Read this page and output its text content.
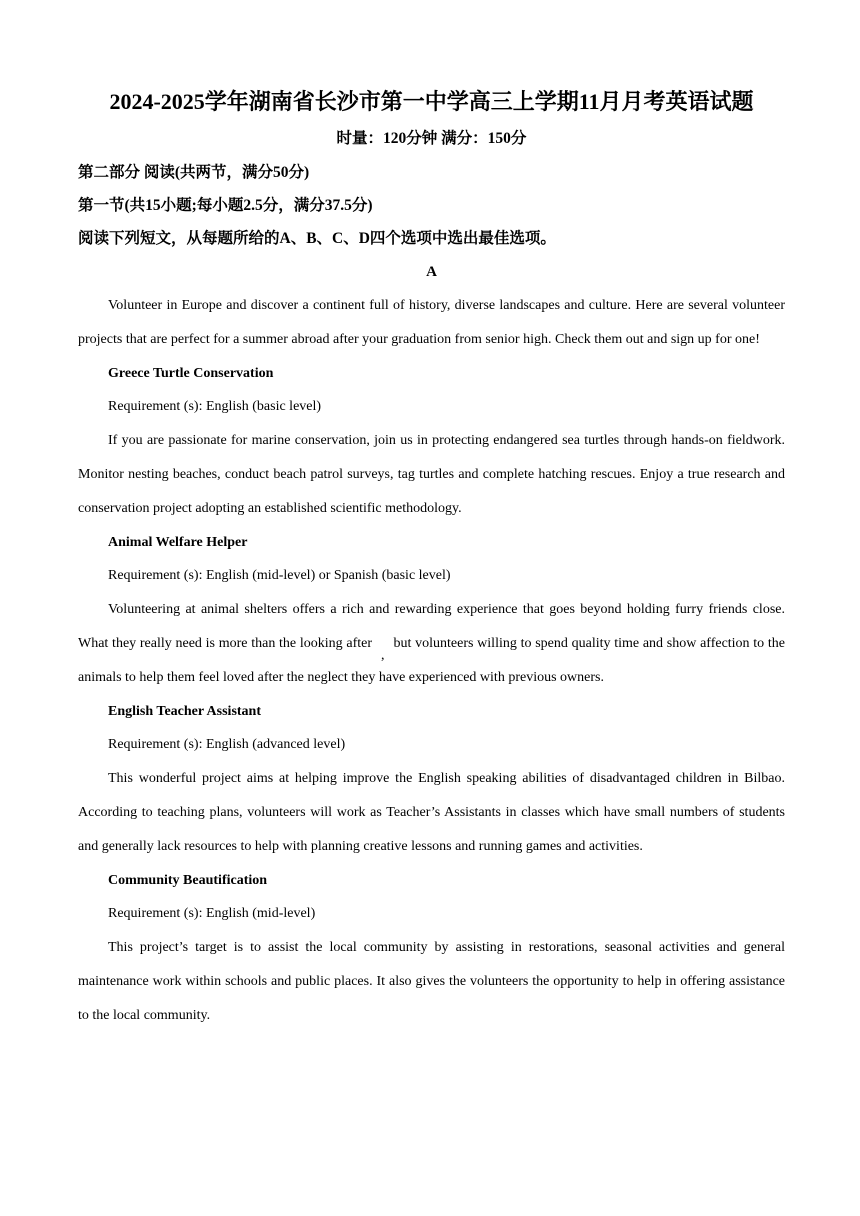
2024-2025学年湖南省长沙市第一中学高三上学期11月月考英语试题
时量：120分钟 满分：150分
第二部分 阅读(共两节，满分50分)
第一节(共15小题;每小题2.5分，满分37.5分)
阅读下列短文，从每题所给的A、B、C、D四个选项中选出最佳选项。
A

Volunteer in Europe and discover a continent full of history, diverse landscapes and culture. Here are several volunteer projects that are perfect for a summer abroad after your graduation from senior high. Check them out and sign up for one!

Greece Turtle Conservation

Requirement (s): English (basic level)

If you are passionate for marine conservation, join us in protecting endangered sea turtles through hands-on fieldwork. Monitor nesting beaches, conduct beach patrol surveys, tag turtles and complete hatching rescues. Enjoy a true research and conservation project adopting an established scientific methodology.

Animal Welfare Helper

Requirement (s): English (mid-level) or Spanish (basic level)

Volunteering at animal shelters offers a rich and rewarding experience that goes beyond holding furry friends close. What they really need is more than the looking after , but volunteers willing to spend quality time and show affection to the animals to help them feel loved after the neglect they have experienced with previous owners.

English Teacher Assistant

Requirement (s): English (advanced level)

This wonderful project aims at helping improve the English speaking abilities of disadvantaged children in Bilbao. According to teaching plans, volunteers will work as Teacher’s Assistants in classes which have small numbers of students and generally lack resources to help with planning creative lessons and running games and activities.

Community Beautification

Requirement (s): English (mid-level)

This project’s target is to assist the local community by assisting in restorations, seasonal activities and general maintenance work within schools and public places. It also gives the volunteers the opportunity to help in offering assistance to the local community.
